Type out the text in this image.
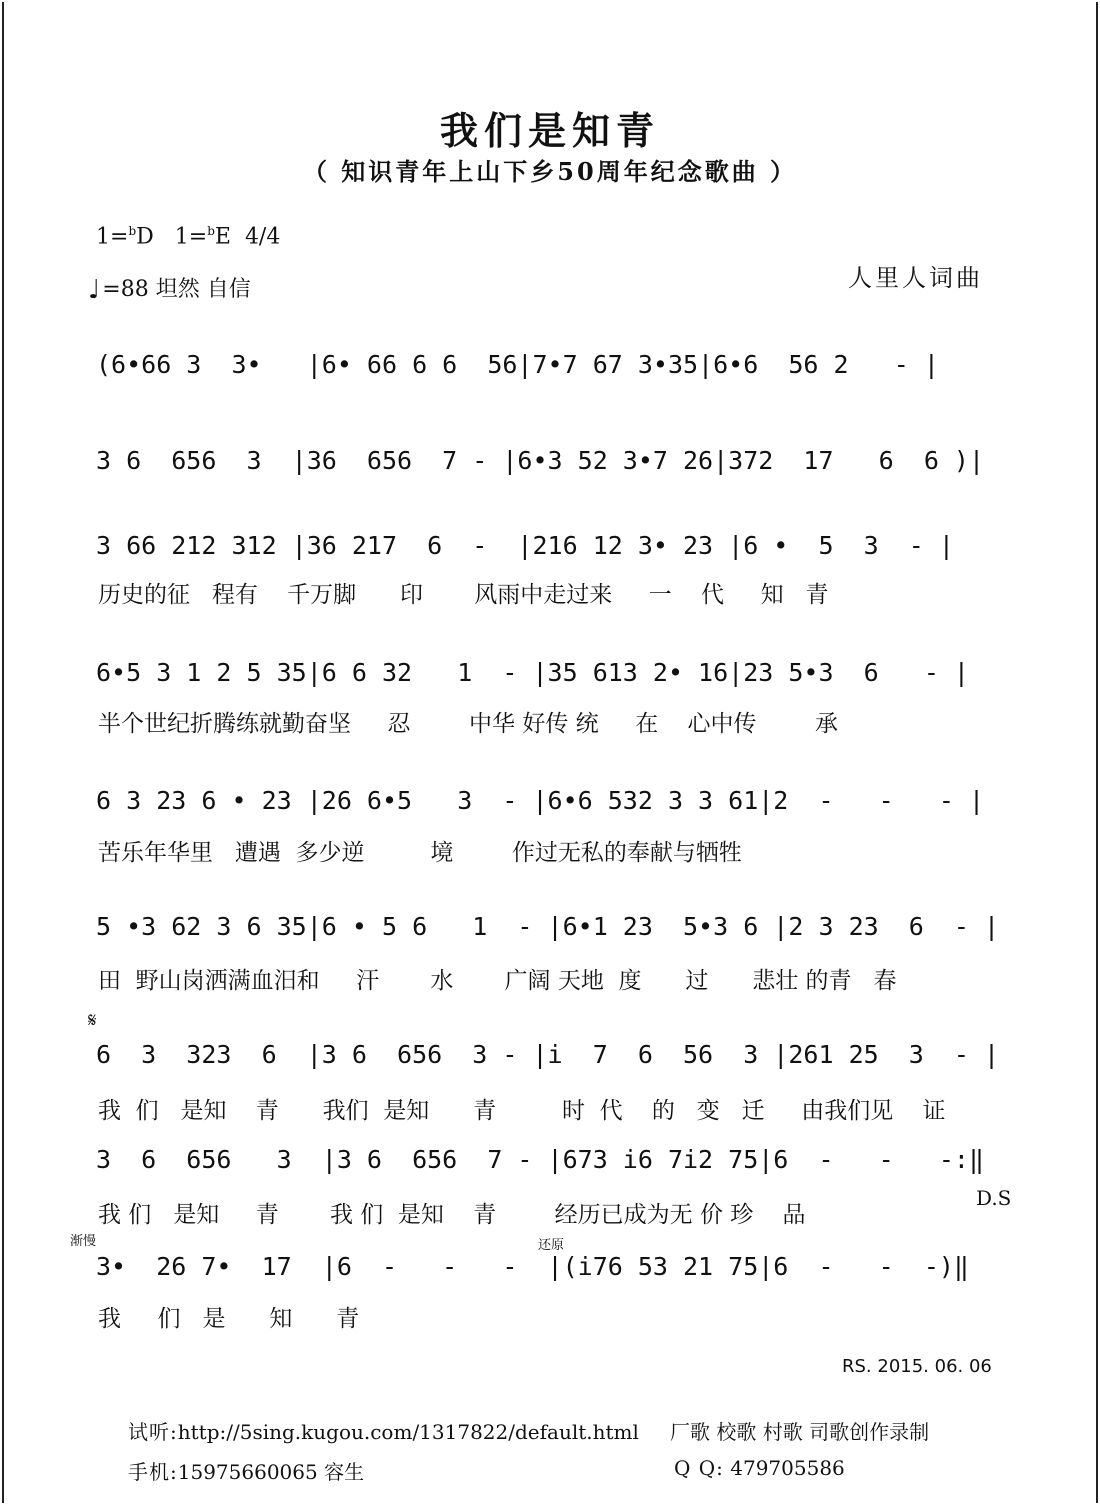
我们是知青
（ 知识青年上山下乡50周年纪念歌曲 ）
1=$^b$D 1=$^b$E 4/4
♩=88 坦然 自信	人里人词曲
(6•66 3  3•   |6• 66 6 6  56|7•7 67 3•35|6•6  56 2   - |
3 6  656  3  |36  656  7 - |6•3 52 3•7 26|372  17   6  6 )|
3 66 212 312 |36 217  6  -  |216 12 3• 23 |6 •  5  3  - |
历史的征   程有    千万脚      印       风雨中走过来     一    代     知   青
6•5 3 1 2 5 35|6 6 32   1  - |35 613 2• 16|23 5•3  6   - |
半个世纪折腾练就勤奋坚     忍        中华 好传 统     在    心中传        承
6 3 23 6 • 23 |26 6•5   3  - |6•6 532 3 3 61|2  -   -   - |
苦乐年华里   遭遇  多少逆         境        作过无私的奉献与牺牲
5 •3 62 3 6 35|6 • 5 6   1  - |6•1 23  5•3 6 |2 3 23  6  - |
田  野山岗洒满血汨和     汗       水       广阔 天地  度      过      悲壮 的青   春
𝄋
6  3  323  6  |3 6  656  3 - |i  7  6  56  3 |261 25  3  - |
我  们   是知    青      我们  是知      青         时  代    的   变   迁     由我们见    证
3  6  656   3  |3 6  656  7 - |673 i6 7i2 75|6  -   -   -:‖
我 们   是知     青       我 们  是知    青        经历已成为无 价 珍    品
D.S
渐慢	还原
3•  26 7•  17  |6  -   -   -  |(i76 53 21 75|6  -   -  -)‖
我     们   是      知      青
RS. 2015. 06. 06
试听:http://5sing.kugou.com/1317822/default.html 厂歌 校歌 村歌 司歌创作录制
手机:15975660065 容生	Q Q: 479705586
